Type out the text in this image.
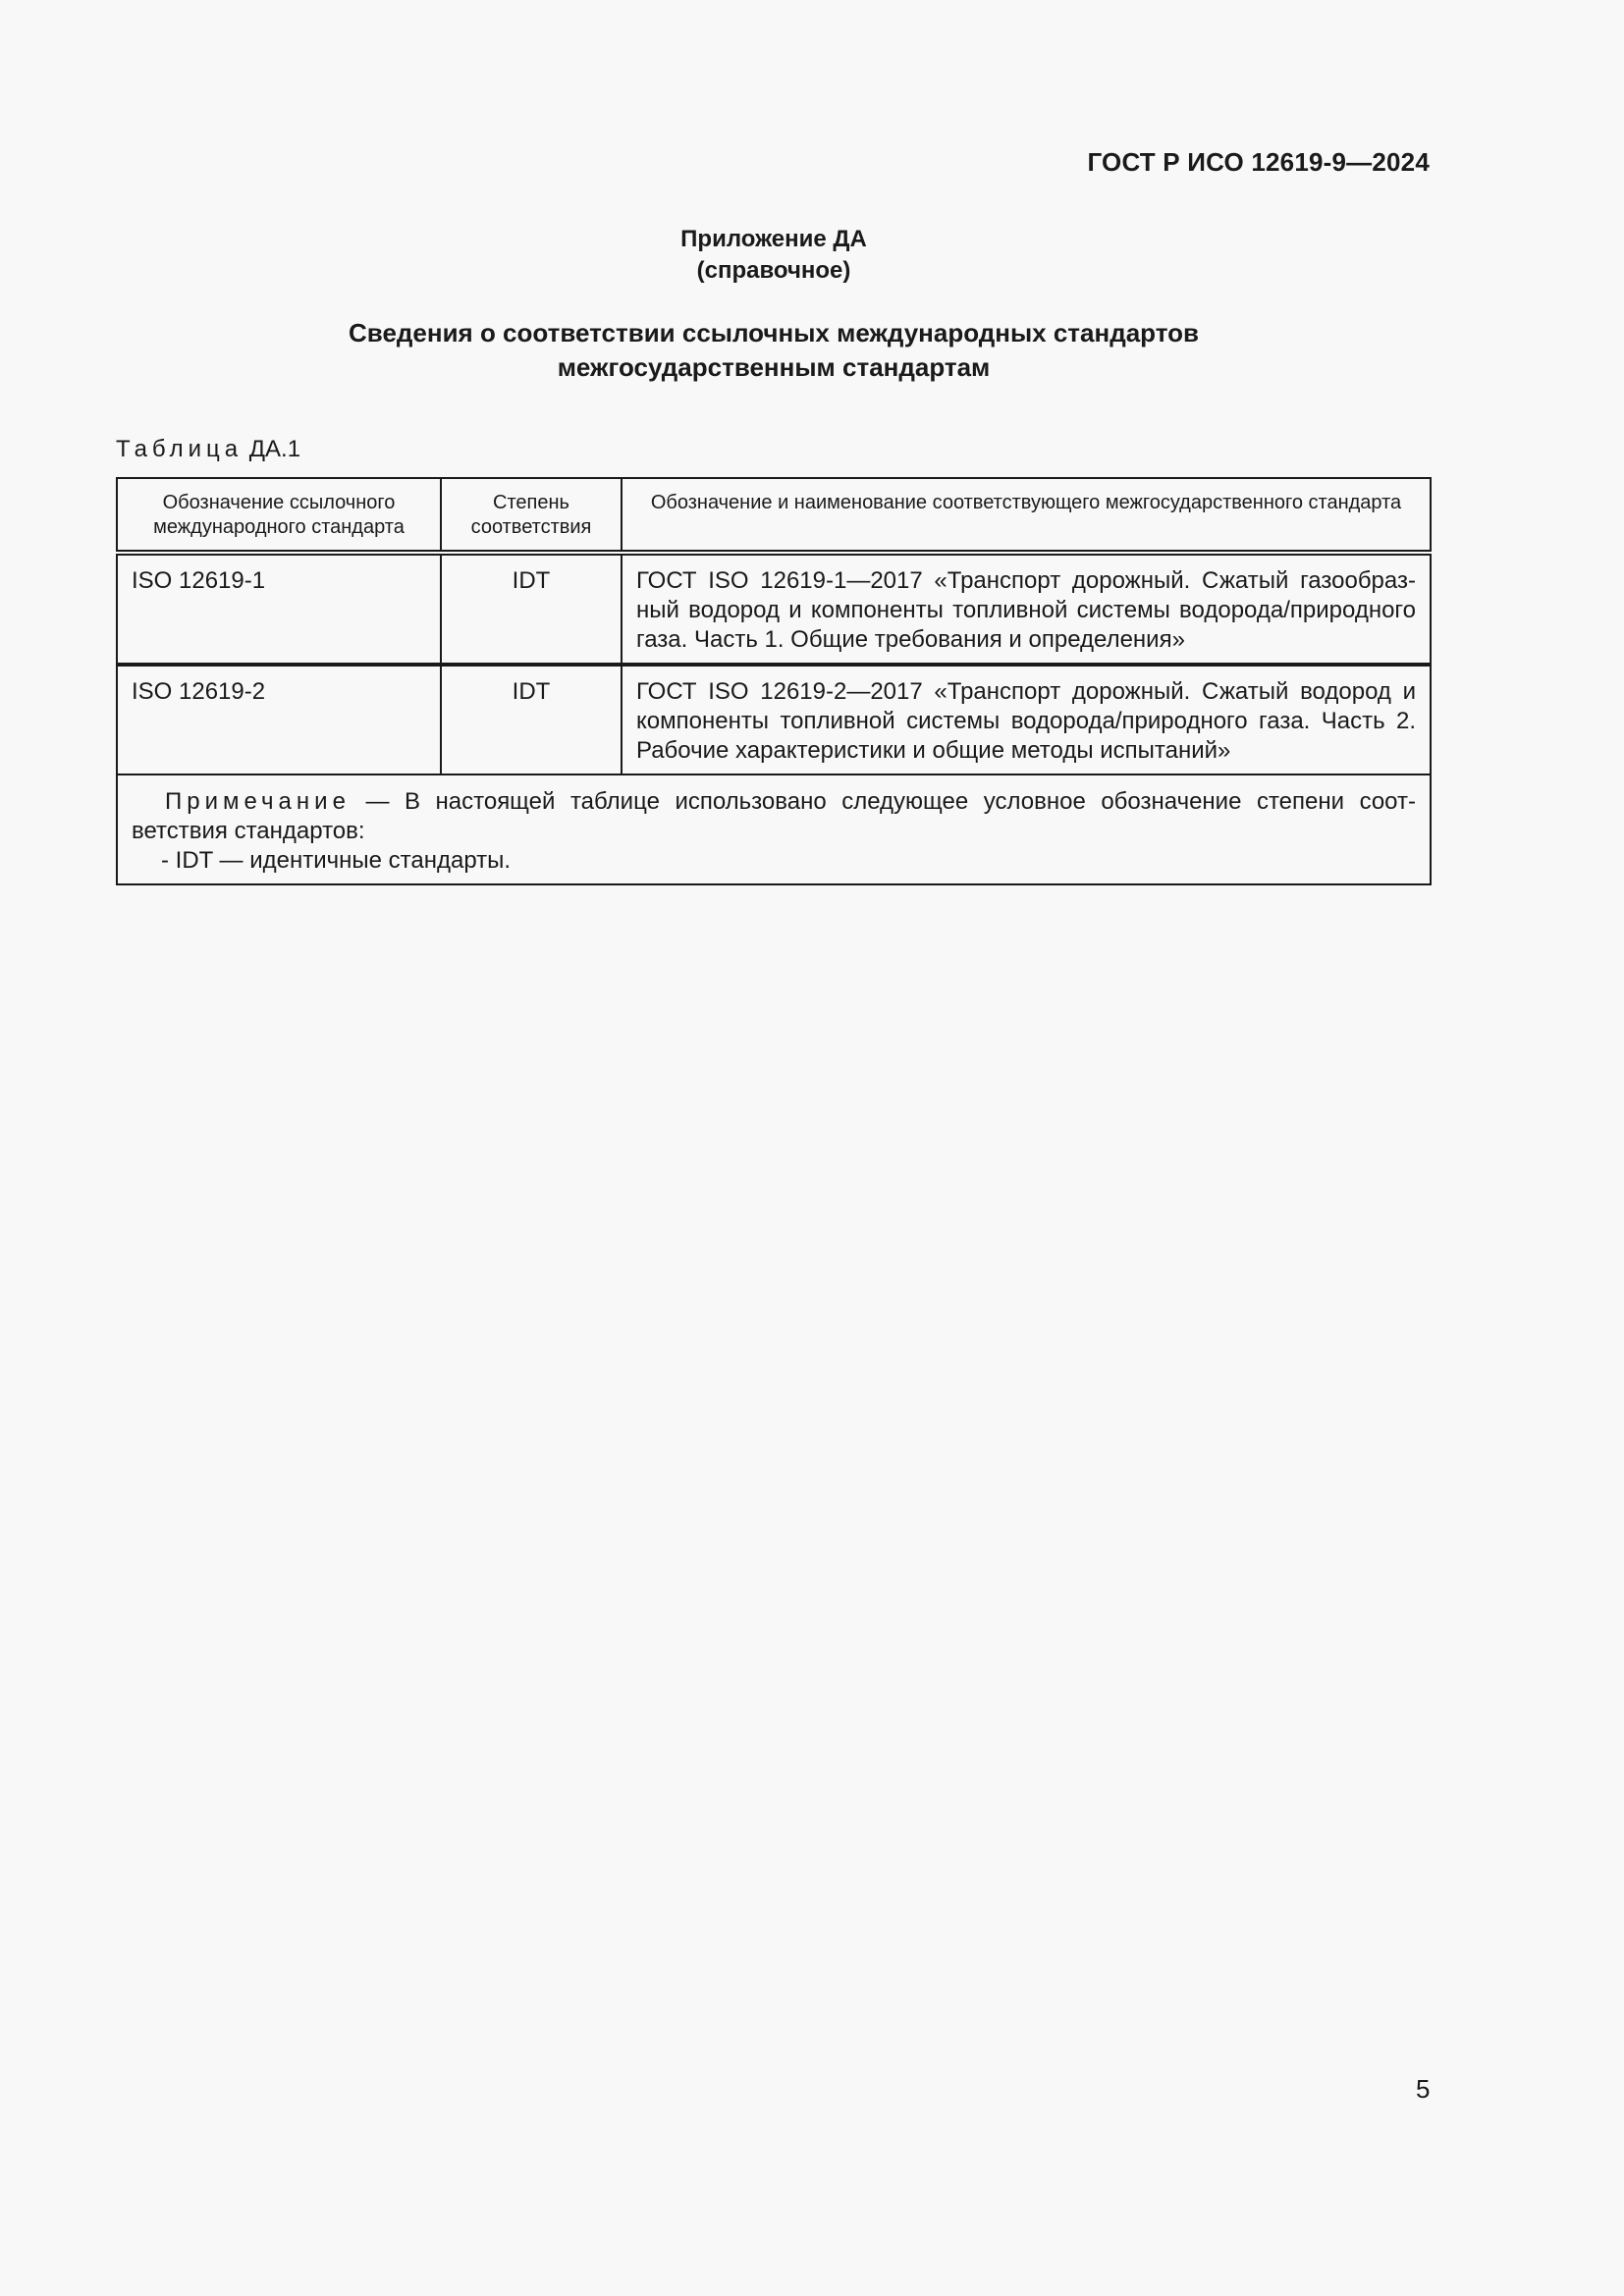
ГОСТ Р ИСО 12619-9—2024
Приложение ДА
(справочное)
Сведения о соответствии ссылочных международных стандартов
межгосударственным стандартам
Таблица ДА.1
Обозначение ссылочного международного стандарта	Степень соответствия	Обозначение и наименование соответствующего межгосударственного стандарта
ISO 12619-1	IDT	ГОСТ ISO 12619-1—2017 «Транспорт дорожный. Сжатый газообразный водород и компоненты топливной системы водорода/природного газа. Часть 1. Общие требования и определения»
ISO 12619-2	IDT	ГОСТ ISO 12619-2—2017 «Транспорт дорожный. Сжатый водород и компоненты топливной системы водорода/природного газа. Часть 2. Рабочие характеристики и общие методы испытаний»
Примечание — В настоящей таблице использовано следующее условное обозначение степени соответствия стандартов:
- IDT — идентичные стандарты.		
5
